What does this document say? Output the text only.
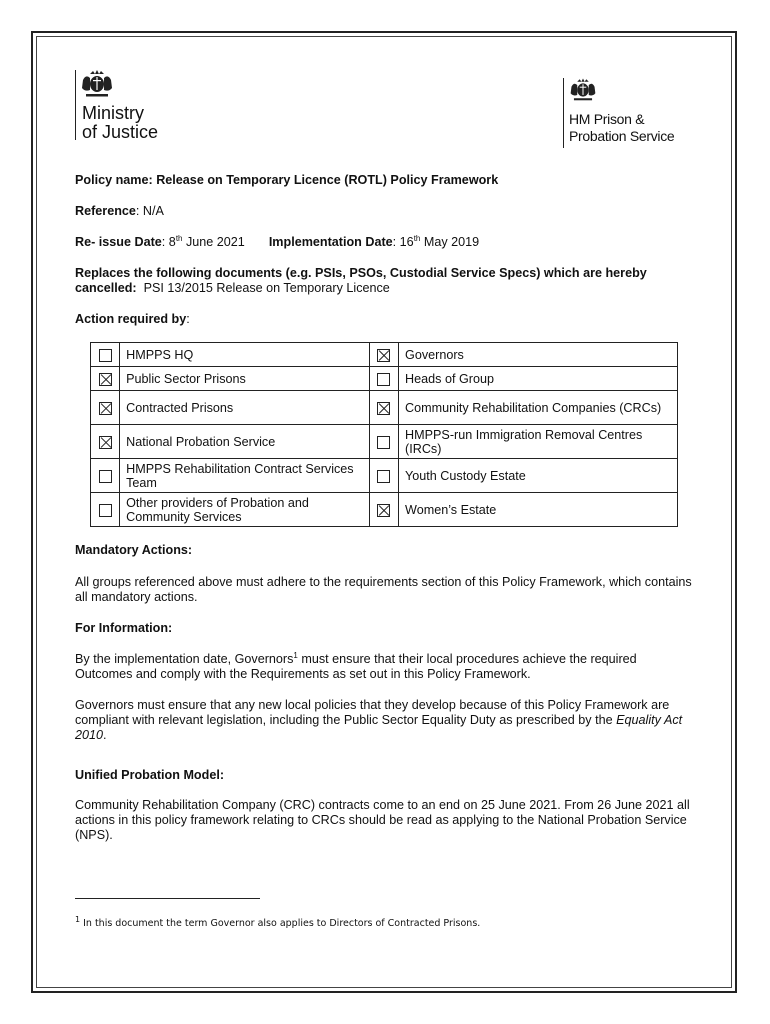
Ministry
of Justice
HM Prison &
Probation Service
Policy name: Release on Temporary Licence (ROTL) Policy Framework
Reference: N/A
Re- issue Date: 8th June 2021 Implementation Date: 16th May 2019
Replaces the following documents (e.g. PSIs, PSOs, Custodial Service Specs) which are hereby cancelled: PSI 13/2015 Release on Temporary Licence
Action required by:
	HMPPS HQ		Governors
	Public Sector Prisons		Heads of Group
	Contracted Prisons		Community Rehabilitation Companies (CRCs)
	National Probation Service		HMPPS-run Immigration Removal Centres (IRCs)
	HMPPS Rehabilitation Contract Services Team		Youth Custody Estate
	Other providers of Probation and Community Services		Women’s Estate
Mandatory Actions:
All groups referenced above must adhere to the requirements section of this Policy Framework, which contains all mandatory actions.
For Information:
By the implementation date, Governors$^1$ must ensure that their local procedures achieve the required Outcomes and comply with the Requirements as set out in this Policy Framework.
Governors must ensure that any new local policies that they develop because of this Policy Framework are compliant with relevant legislation, including the Public Sector Equality Duty as prescribed by the Equality Act 2010.
Unified Probation Model:
Community Rehabilitation Company (CRC) contracts come to an end on 25 June 2021. From 26 June 2021 all actions in this policy framework relating to CRCs should be read as applying to the National Probation Service (NPS).
$^1$ In this document the term Governor also applies to Directors of Contracted Prisons.
